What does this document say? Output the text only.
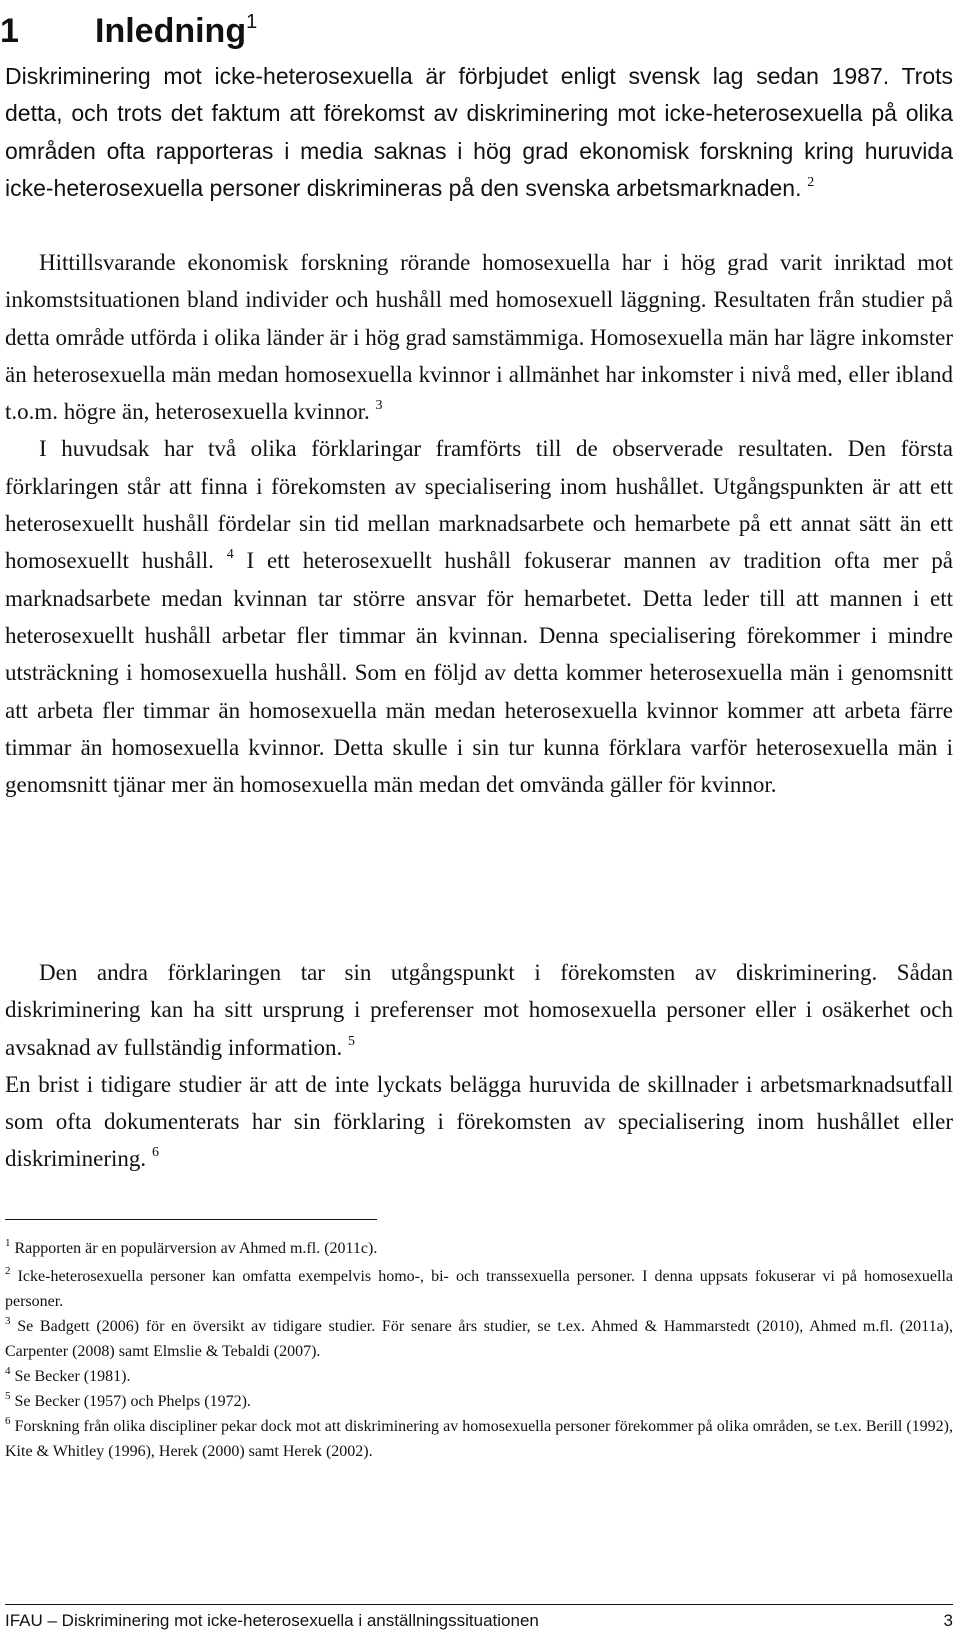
1 Inledning$^1$

Diskriminering mot icke-heterosexuella är förbjudet enligt svensk lag sedan 1987. Trots detta, och trots det faktum att förekomst av diskriminering mot icke-heterosexuella på olika områden ofta rapporteras i media saknas i hög grad ekonomisk forskning kring huruvida icke-heterosexuella personer diskrimineras på den svenska arbetsmarknaden. $^2$

Hittillsvarande ekonomisk forskning rörande homosexuella har i hög grad varit inriktad mot inkomstsituationen bland individer och hushåll med homosexuell läggning. Resultaten från studier på detta område utförda i olika länder är i hög grad samstämmiga. Homosexuella män har lägre inkomster än heterosexuella män medan homosexuella kvinnor i allmänhet har inkomster i nivå med, eller ibland t.o.m. högre än, heterosexuella kvinnor. $^3$
I huvudsak har två olika förklaringar framförts till de observerade resultaten. Den första förklaringen står att finna i förekomsten av specialisering inom hushållet. Utgångspunkten är att ett heterosexuellt hushåll fördelar sin tid mellan marknadsarbete och hemarbete på ett annat sätt än ett homosexuellt hushåll. $^4$ I ett heterosexuellt hushåll fokuserar mannen av tradition ofta mer på marknadsarbete medan kvinnan tar större ansvar för hemarbetet. Detta leder till att mannen i ett heterosexuellt hushåll arbetar fler timmar än kvinnan. Denna specialisering förekommer i mindre utsträckning i homosexuella hushåll. Som en följd av detta kommer heterosexuella män i genomsnitt att arbeta fler timmar än homosexuella män medan heterosexuella kvinnor kommer att arbeta färre timmar än homosexuella kvinnor. Detta skulle i sin tur kunna förklara varför heterosexuella män i genomsnitt tjänar mer än homosexuella män medan det omvända gäller för kvinnor.

Den andra förklaringen tar sin utgångspunkt i förekomsten av diskriminering. Sådan diskriminering kan ha sitt ursprung i preferenser mot homosexuella personer eller i osäkerhet och avsaknad av fullständig information. $^5$
En brist i tidigare studier är att de inte lyckats belägga huruvida de skillnader i arbetsmarknadsutfall som ofta dokumenterats har sin förklaring i förekomsten av specialisering inom hushållet eller diskriminering. $^6$

$^1$ Rapporten är en populärversion av Ahmed m.fl. (2011c).

$^2$ Icke-heterosexuella personer kan omfatta exempelvis homo-, bi- och transsexuella personer. I denna uppsats fokuserar vi på homosexuella personer.

$^3$ Se Badgett (2006) för en översikt av tidigare studier. För senare års studier, se t.ex. Ahmed & Hammarstedt (2010), Ahmed m.fl. (2011a), Carpenter (2008) samt Elmslie & Tebaldi (2007).

$^4$ Se Becker (1981).

$^5$ Se Becker (1957) och Phelps (1972).

$^6$ Forskning från olika discipliner pekar dock mot att diskriminering av homosexuella personer förekommer på olika områden, se t.ex. Berill (1992), Kite & Whitley (1996), Herek (2000) samt Herek (2002).

IFAU – Diskriminering mot icke-heterosexuella i anställningssituationen	3
